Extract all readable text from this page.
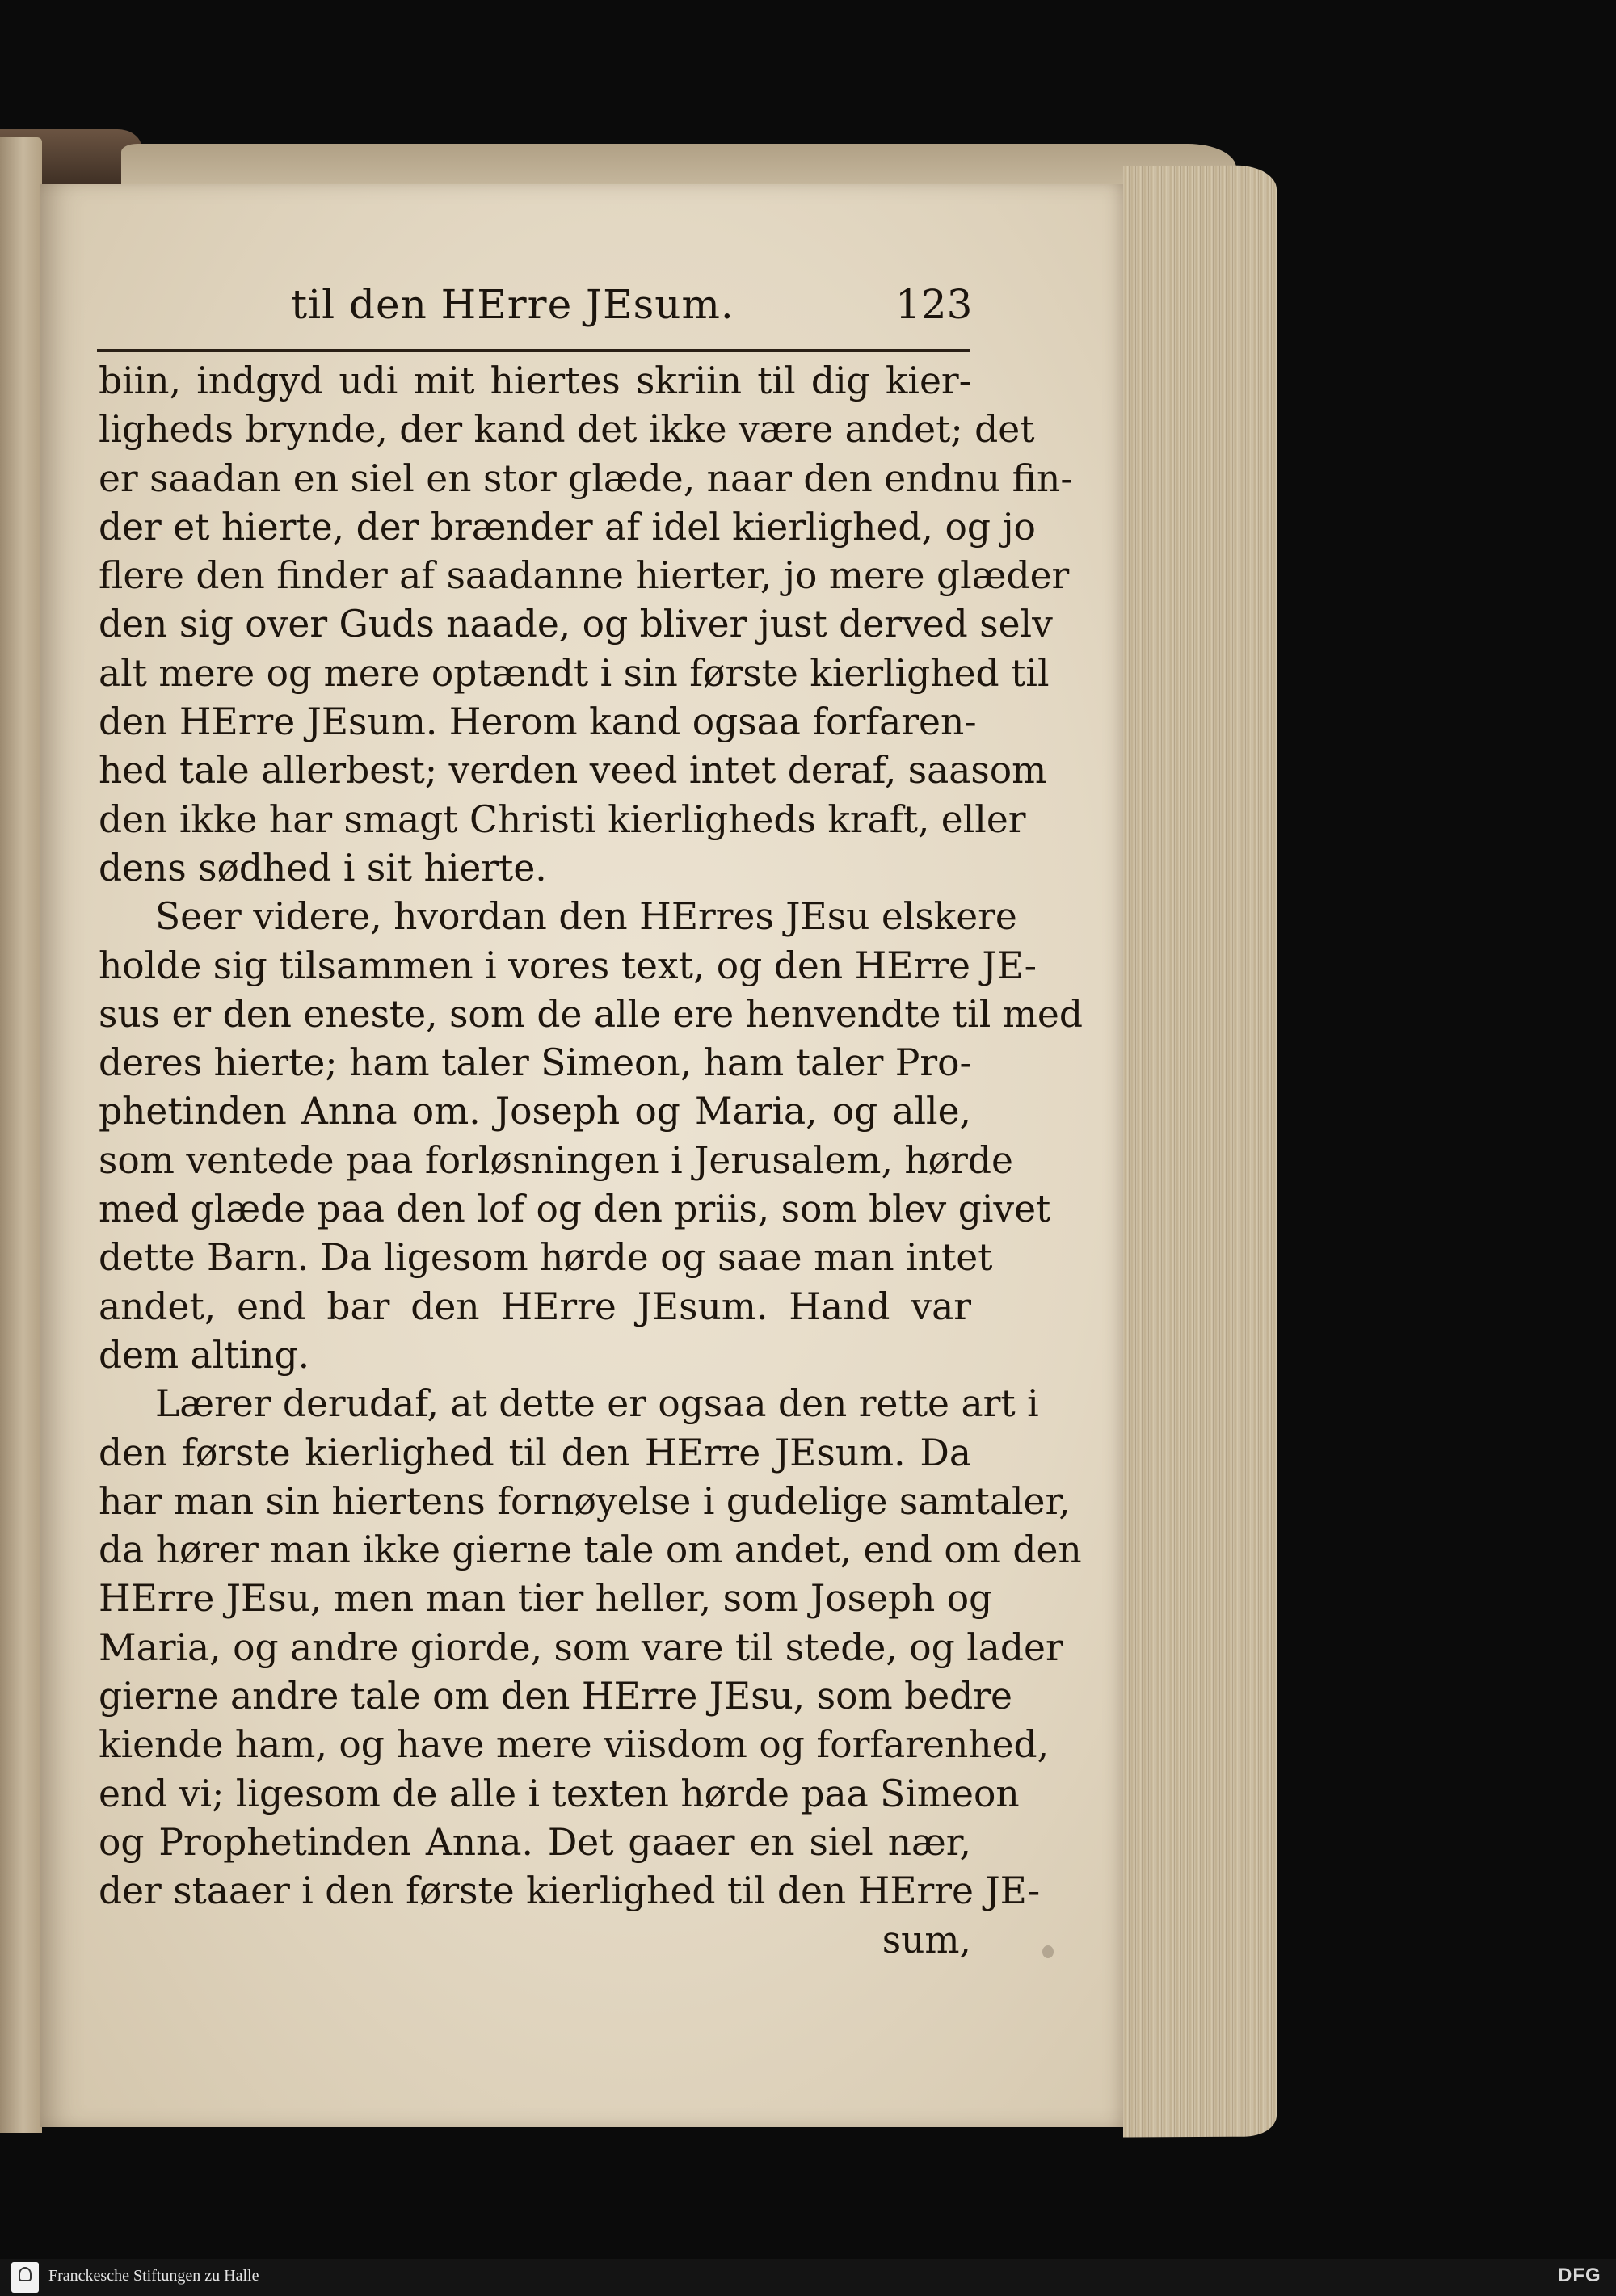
til den HErre JEsum.	123
biin, indgyd udi mit hiertes skriin til dig kier-
ligheds brynde, der kand det ikke være andet; det
er saadan en siel en stor glæde, naar den endnu fin-
der et hierte, der brænder af idel kierlighed, og jo
flere den finder af saadanne hierter, jo mere glæder
den sig over Guds naade, og bliver just derved selv
alt mere og mere optændt i sin første kierlighed til
den HErre JEsum. Herom kand ogsaa forfaren-
hed tale allerbest; verden veed intet deraf, saasom
den ikke har smagt Christi kierligheds kraft, eller
dens sødhed i sit hierte.
Seer videre, hvordan den HErres JEsu elskere
holde sig tilsammen i vores text, og den HErre JE-
sus er den eneste, som de alle ere henvendte til med
deres hierte; ham taler Simeon, ham taler Pro-
phetinden Anna om. Joseph og Maria, og alle,
som ventede paa forløsningen i Jerusalem, hørde
med glæde paa den lof og den priis, som blev givet
dette Barn. Da ligesom hørde og saae man intet
andet, end bar den HErre JEsum. Hand var
dem alting.
Lærer derudaf, at dette er ogsaa den rette art i
den første kierlighed til den HErre JEsum. Da
har man sin hiertens fornøyelse i gudelige samtaler,
da hører man ikke gierne tale om andet, end om den
HErre JEsu, men man tier heller, som Joseph og
Maria, og andre giorde, som vare til stede, og lader
gierne andre tale om den HErre JEsu, som bedre
kiende ham, og have mere viisdom og forfarenhed,
end vi; ligesom de alle i texten hørde paa Simeon
og Prophetinden Anna. Det gaaer en siel nær,
der staaer i den første kierlighed til den HErre JE-
sum,
Franckesche Stiftungen zu Halle	DFG
